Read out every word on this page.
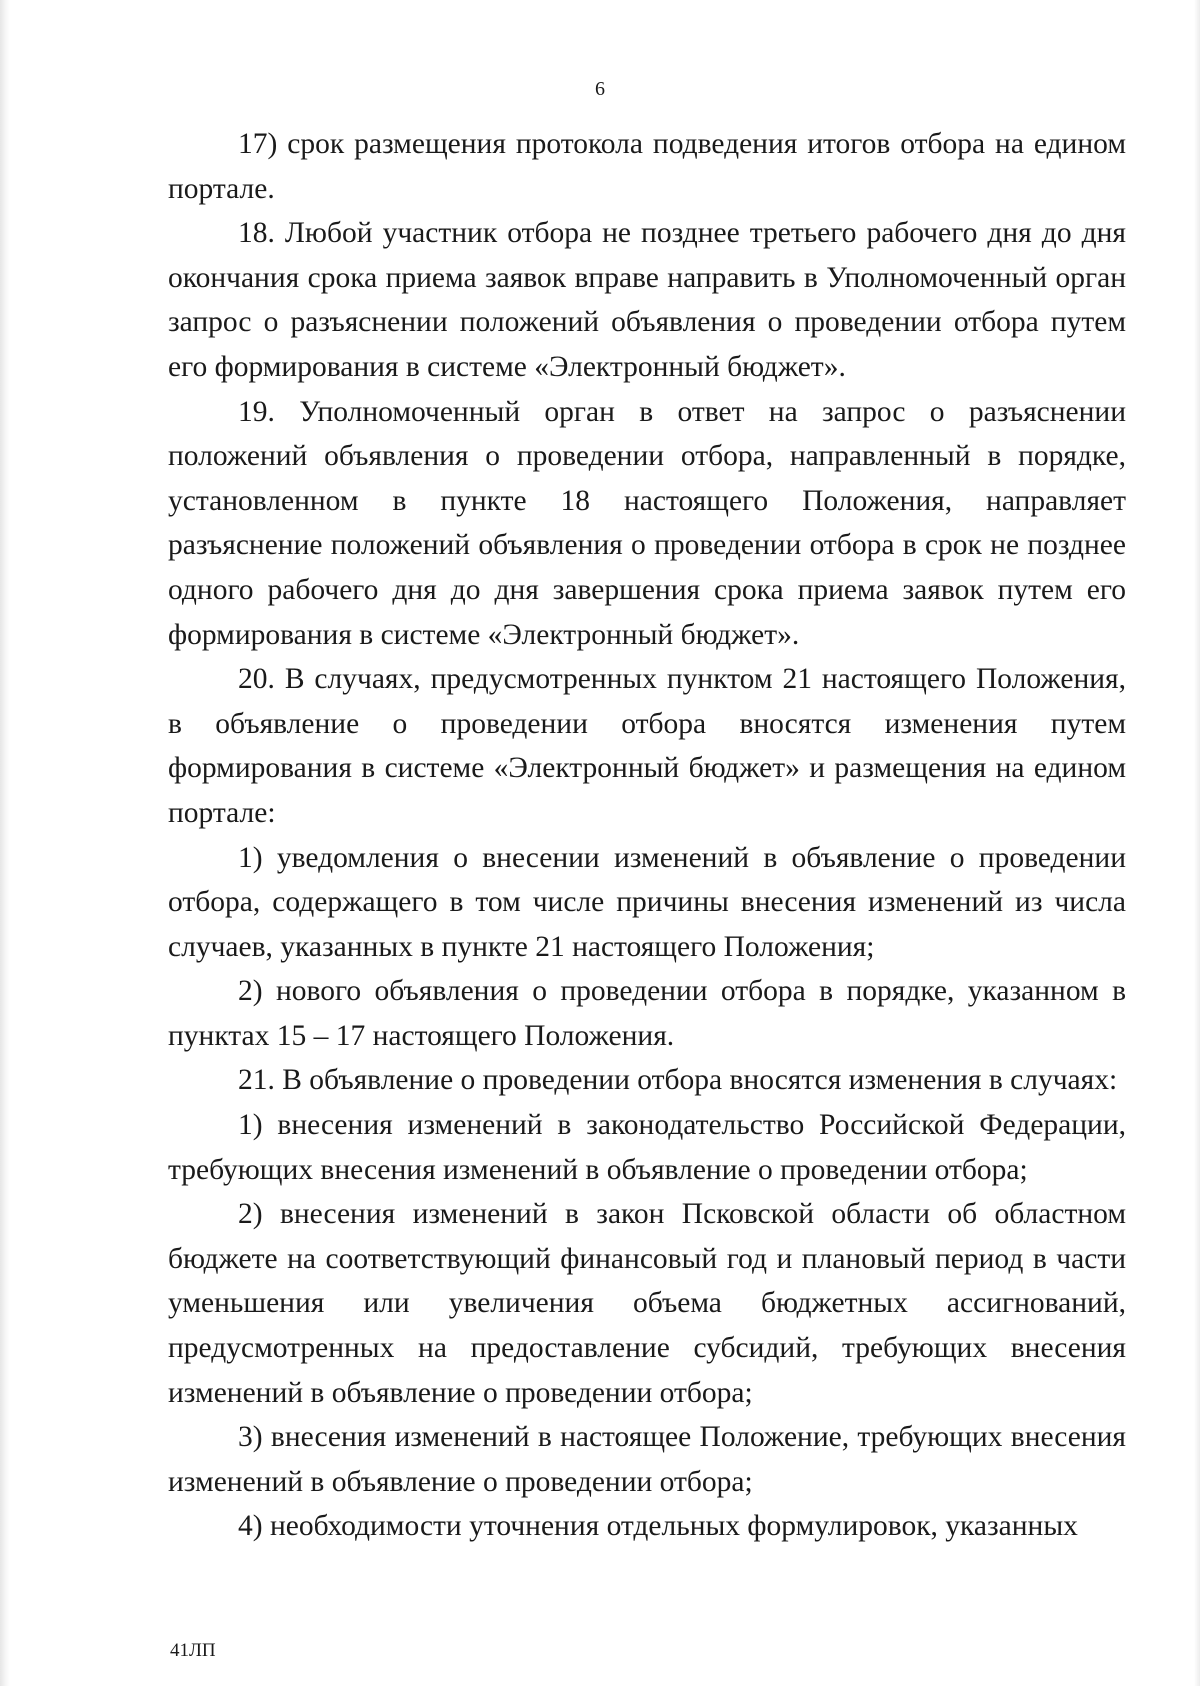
6

17) срок размещения протокола подведения итогов отбора на едином портале.

18. Любой участник отбора не позднее третьего рабочего дня до дня окончания срока приема заявок вправе направить в Уполномоченный орган запрос о разъяснении положений объявления о проведении отбора путем его формирования в системе «Электронный бюджет».

19. Уполномоченный орган в ответ на запрос о разъяснении положений объявления о проведении отбора, направленный в порядке, установленном в пункте 18 настоящего Положения, направляет разъяснение положений объявления о проведении отбора в срок не позднее одного рабочего дня до дня завершения срока приема заявок путем его формирования в системе «Электронный бюджет».

20. В случаях, предусмотренных пунктом 21 настоящего Положения, в объявление о проведении отбора вносятся изменения путем формирования в системе «Электронный бюджет» и размещения на едином портале:

1) уведомления о внесении изменений в объявление о проведении отбора, содержащего в том числе причины внесения изменений из числа случаев, указанных в пункте 21 настоящего Положения;

2) нового объявления о проведении отбора в порядке, указанном в пунктах 15 – 17 настоящего Положения.

21. В объявление о проведении отбора вносятся изменения в случаях:

1) внесения изменений в законодательство Российской Федерации, требующих внесения изменений в объявление о проведении отбора;

2) внесения изменений в закон Псковской области об областном бюджете на соответствующий финансовый год и плановый период в части уменьшения или увеличения объема бюджетных ассигнований, предусмотренных на предоставление субсидий, требующих внесения изменений в объявление о проведении отбора;

3) внесения изменений в настоящее Положение, требующих внесения изменений в объявление о проведении отбора;

4) необходимости уточнения отдельных формулировок, указанных

41ЛП
